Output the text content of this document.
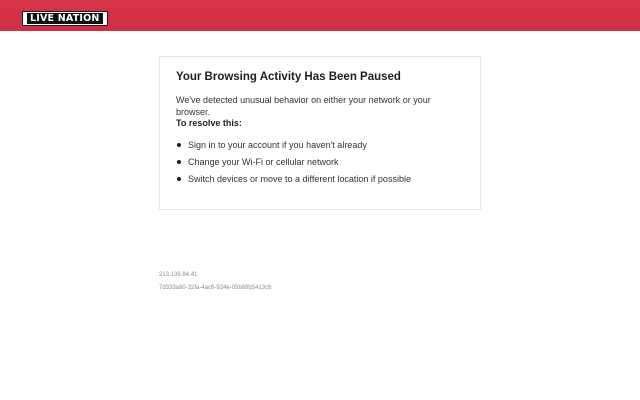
LIVE NATION
Your Browsing Activity Has Been Paused
We've detected unusual behavior on either your network or your browser.
To resolve this:
Sign in to your account if you haven't already
Change your Wi-Fi or cellular network
Switch devices or move to a different location if possible
213.136.84.41
7d333a80-32fa-4ac6-924e-05b89b5413c6
